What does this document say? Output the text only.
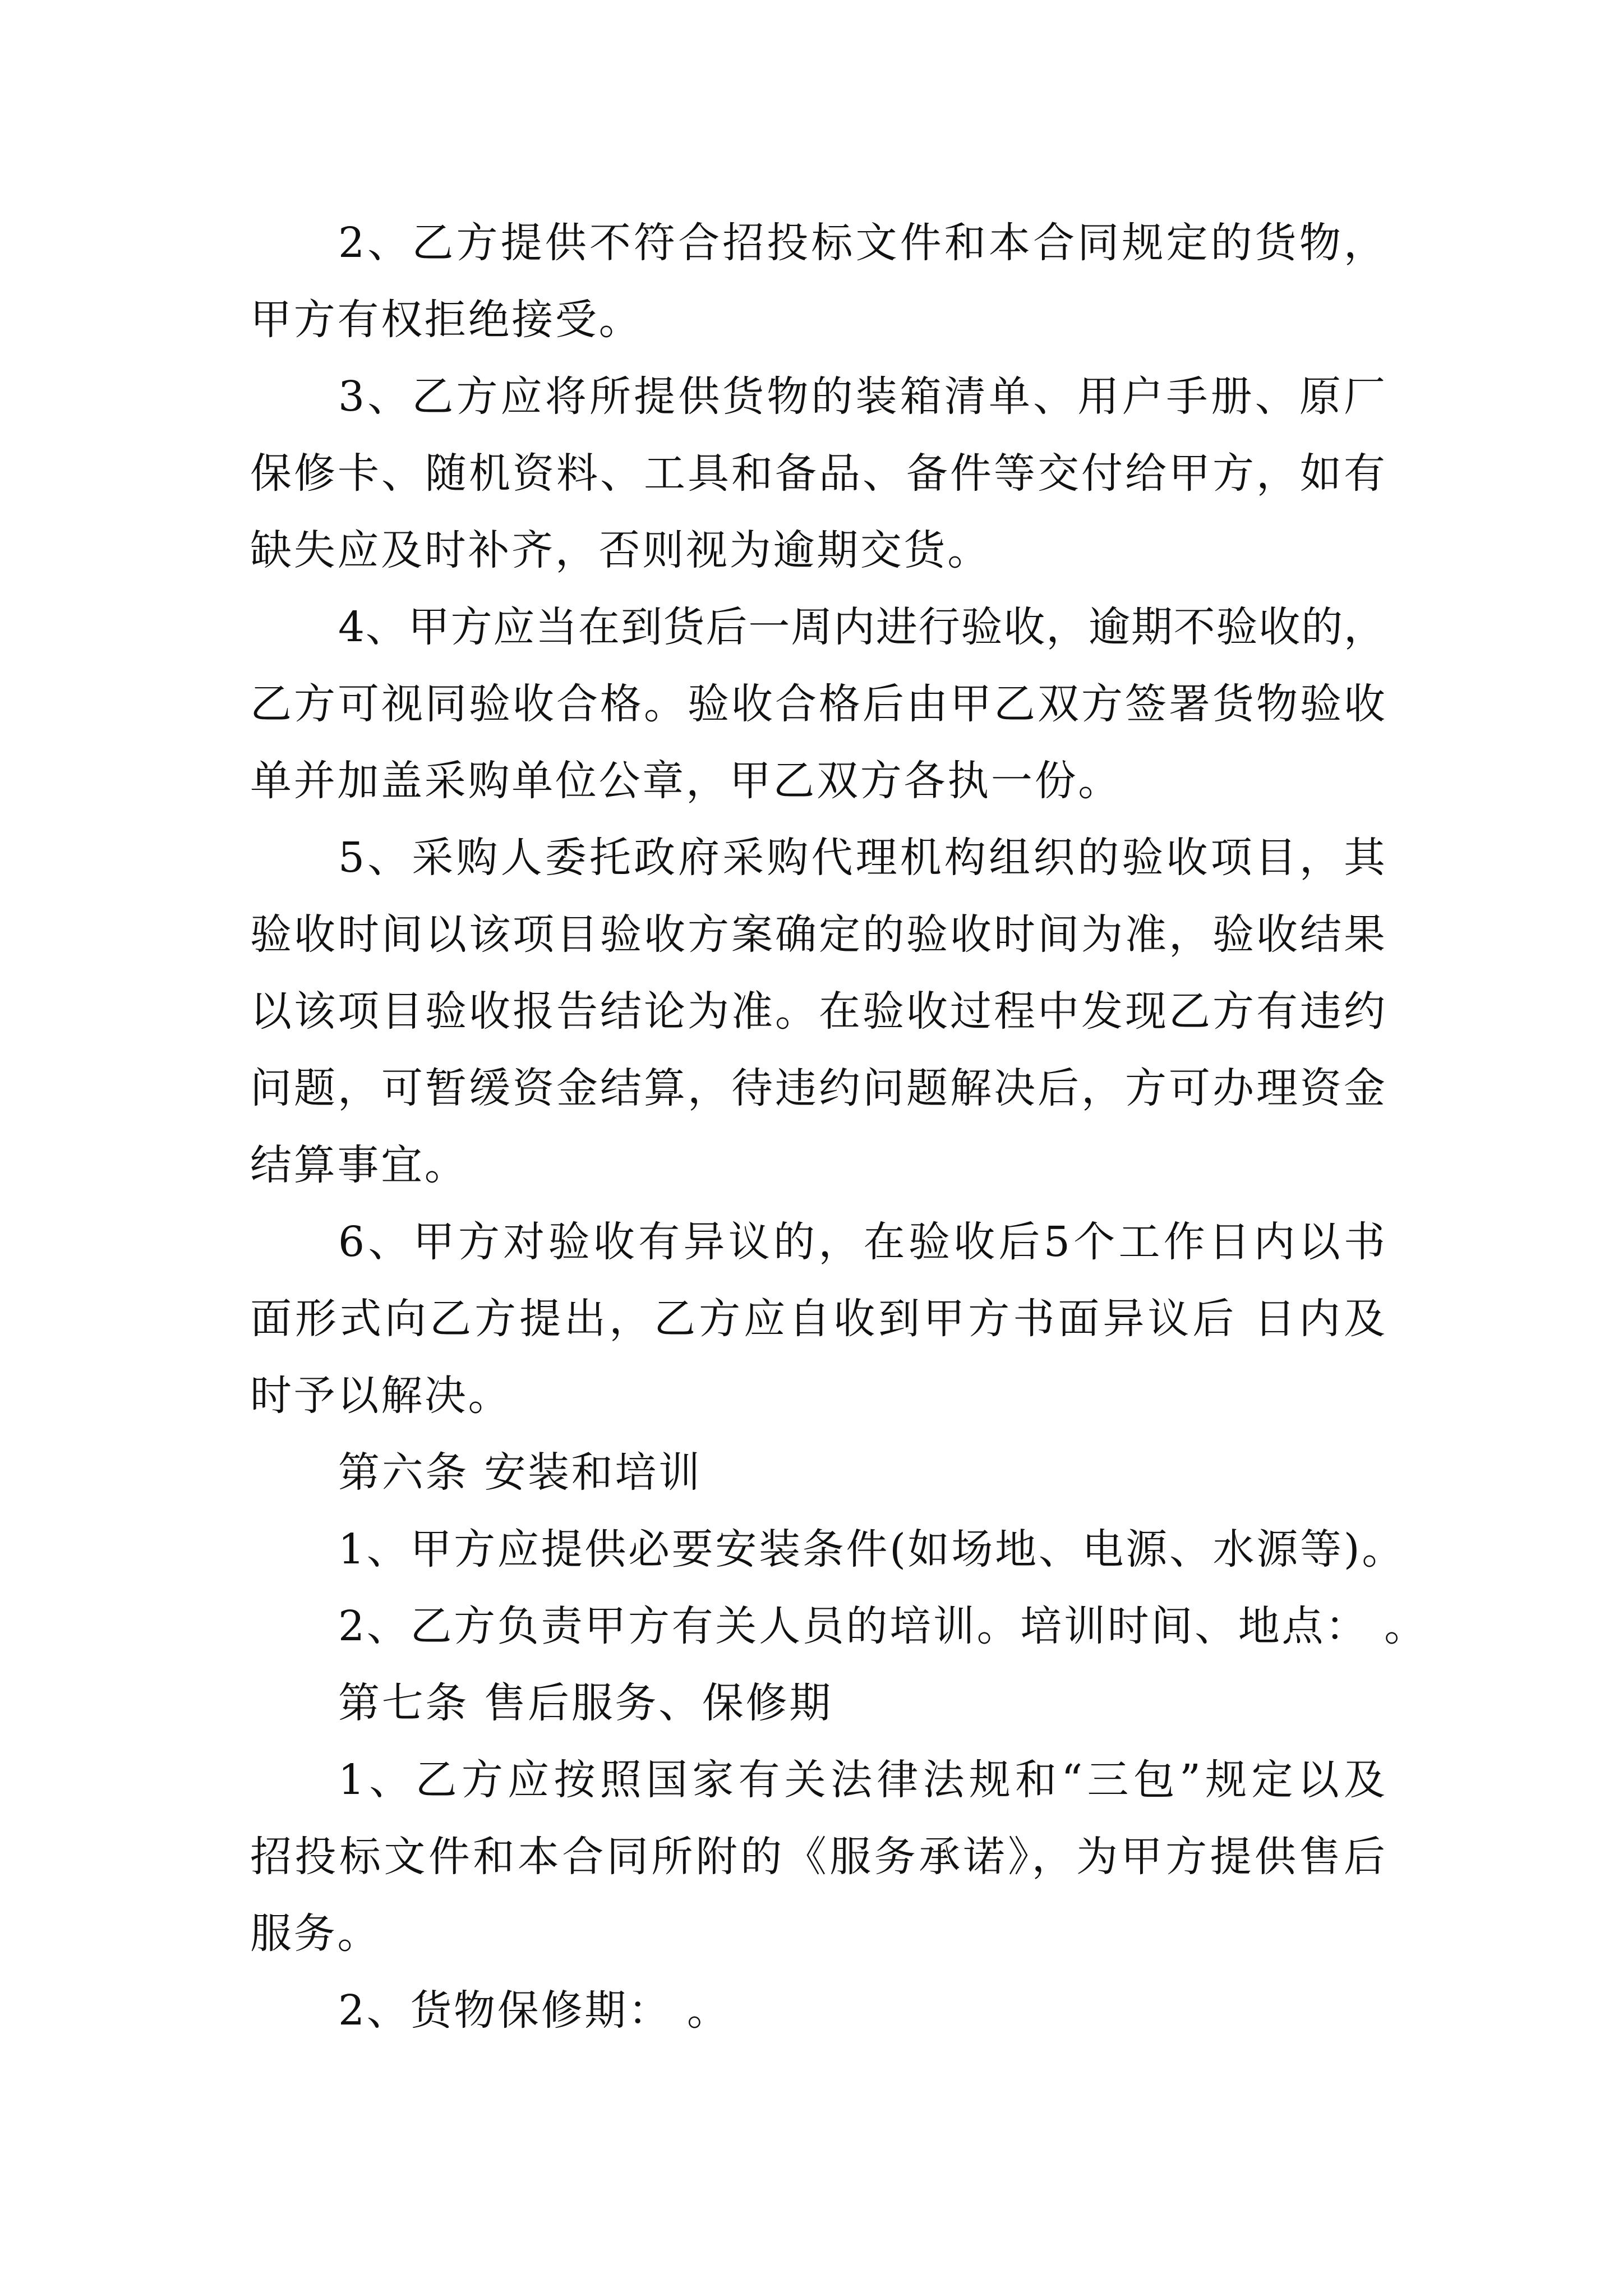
2、乙方提供不符合招投标文件和本合同规定的货物，
甲方有权拒绝接受。
3、乙方应将所提供货物的装箱清单、用户手册、原厂
保修卡、随机资料、工具和备品、备件等交付给甲方，如有
缺失应及时补齐，否则视为逾期交货。
4、甲方应当在到货后一周内进行验收，逾期不验收的，
乙方可视同验收合格。验收合格后由甲乙双方签署货物验收
单并加盖采购单位公章，甲乙双方各执一份。
5、采购人委托政府采购代理机构组织的验收项目，其
验收时间以该项目验收方案确定的验收时间为准，验收结果
以该项目验收报告结论为准。在验收过程中发现乙方有违约
问题，可暂缓资金结算，待违约问题解决后，方可办理资金
结算事宜。
6、甲方对验收有异议的，在验收后5个工作日内以书
面形式向乙方提出，乙方应自收到甲方书面异议后 日内及
时予以解决。
第六条 安装和培训
1、甲方应提供必要安装条件(如场地、电源、水源等)。
2、乙方负责甲方有关人员的培训。培训时间、地点： 。
第七条 售后服务、保修期
1、乙方应按照国家有关法律法规和“三包”规定以及
招投标文件和本合同所附的《服务承诺》，为甲方提供售后
服务。
2、货物保修期： 。
